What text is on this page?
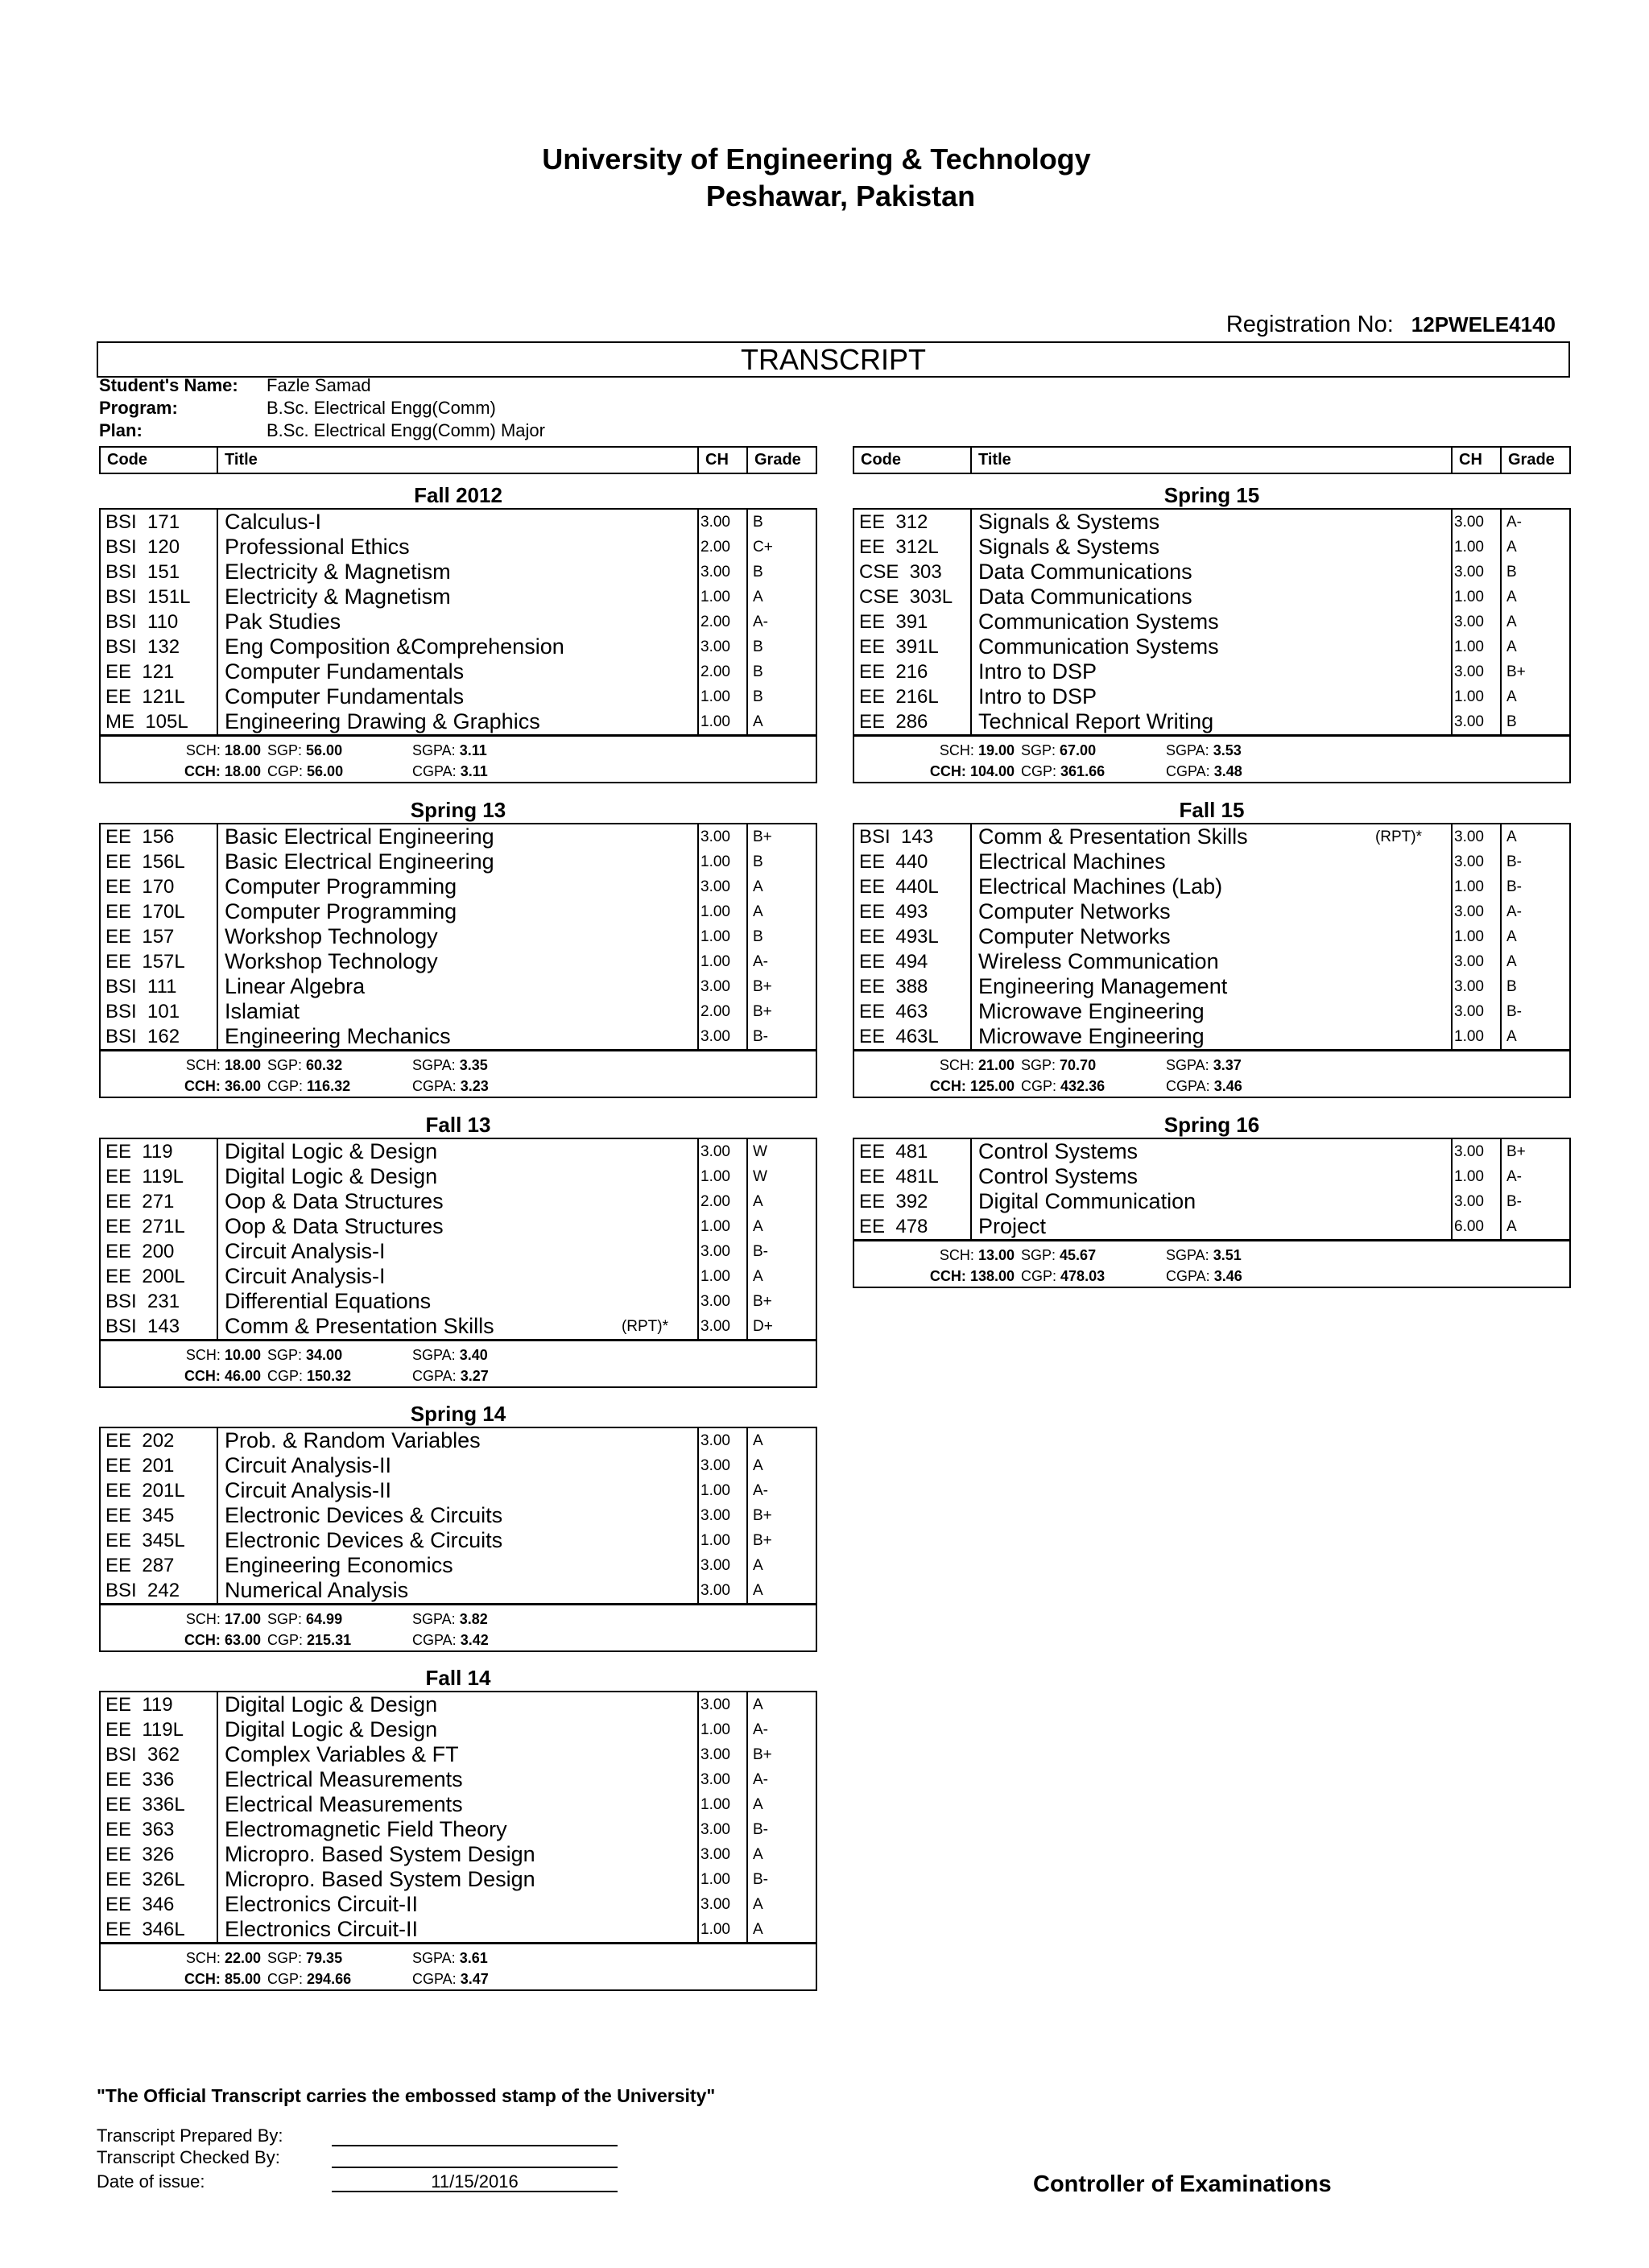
University of Engineering & Technology
Peshawar, Pakistan
Registration No: 12PWELE4140
TRANSCRIPT
Student's Name: Fazle Samad
Program:	B.Sc. Electrical Engg(Comm)
Plan:	B.Sc. Electrical Engg(Comm) Major
Code	Title	CH	Grade	Code	Title	CH	Grade
Fall 2012
BSI  171	Calculus-I	3.00	B
BSI  120	Professional Ethics	2.00	C+
BSI  151	Electricity & Magnetism	3.00	B
BSI  151L	Electricity & Magnetism	1.00	A
BSI  110	Pak Studies	2.00	A-
BSI  132	Eng Composition &Comprehension	3.00	B
EE  121	Computer Fundamentals	2.00	B
EE  121L	Computer Fundamentals	1.00	B
ME  105L	Engineering Drawing & Graphics	1.00	A
SCH: 18.00 SGP: 56.00	SGPA: 3.11
CCH: 18.00 CGP: 56.00	CGPA: 3.11
Spring 13
EE  156	Basic Electrical Engineering	3.00	B+
EE  156L	Basic Electrical Engineering	1.00	B
EE  170	Computer Programming	3.00	A
EE  170L	Computer Programming	1.00	A
EE  157	Workshop Technology	1.00	B
EE  157L	Workshop Technology	1.00	A-
BSI  111	Linear Algebra	3.00	B+
BSI  101	Islamiat	2.00	B+
BSI  162	Engineering Mechanics	3.00	B-
SCH: 18.00 SGP: 60.32	SGPA: 3.35
CCH: 36.00 CGP: 116.32	CGPA: 3.23
Fall 13
EE  119	Digital Logic & Design	3.00	W
EE  119L	Digital Logic & Design	1.00	W
EE  271	Oop & Data Structures	2.00	A
EE  271L	Oop & Data Structures	1.00	A
EE  200	Circuit Analysis-I	3.00	B-
EE  200L	Circuit Analysis-I	1.00	A
BSI  231	Differential Equations	3.00	B+
BSI  143	Comm & Presentation Skills	(RPT)* 3.00	D+
SCH: 10.00 SGP: 34.00	SGPA: 3.40
CCH: 46.00 CGP: 150.32	CGPA: 3.27
Spring 14
EE  202	Prob. & Random Variables	3.00	A
EE  201	Circuit Analysis-II	3.00	A
EE  201L	Circuit Analysis-II	1.00	A-
EE  345	Electronic Devices & Circuits	3.00	B+
EE  345L	Electronic Devices & Circuits	1.00	B+
EE  287	Engineering Economics	3.00	A
BSI  242	Numerical Analysis	3.00	A
SCH: 17.00 SGP: 64.99	SGPA: 3.82
CCH: 63.00 CGP: 215.31	CGPA: 3.42
Fall 14
EE  119	Digital Logic & Design	3.00	A
EE  119L	Digital Logic & Design	1.00	A-
BSI  362	Complex Variables & FT	3.00	B+
EE  336	Electrical Measurements	3.00	A-
EE  336L	Electrical Measurements	1.00	A
EE  363	Electromagnetic Field Theory	3.00	B-
EE  326	Micropro. Based System Design	3.00	A
EE  326L	Micropro. Based System Design	1.00	B-
EE  346	Electronics Circuit-II	3.00	A
EE  346L	Electronics Circuit-II	1.00	A
SCH: 22.00 SGP: 79.35	SGPA: 3.61
CCH: 85.00 CGP: 294.66	CGPA: 3.47
Spring 15
EE  312	Signals & Systems	3.00	A-
EE  312L	Signals & Systems	1.00	A
CSE  303	Data Communications	3.00	B
CSE  303L	Data Communications	1.00	A
EE  391	Communication Systems	3.00	A
EE  391L	Communication Systems	1.00	A
EE  216	Intro to DSP	3.00	B+
EE  216L	Intro to DSP	1.00	A
EE  286	Technical Report Writing	3.00	B
SCH: 19.00 SGP: 67.00	SGPA: 3.53
CCH: 104.00 CGP: 361.66	CGPA: 3.48
Fall 15
BSI  143	Comm & Presentation Skills	(RPT)* 3.00	A
EE  440	Electrical Machines	3.00	B-
EE  440L	Electrical Machines (Lab)	1.00	B-
EE  493	Computer Networks	3.00	A-
EE  493L	Computer Networks	1.00	A
EE  494	Wireless Communication	3.00	A
EE  388	Engineering Management	3.00	B
EE  463	Microwave Engineering	3.00	B-
EE  463L	Microwave Engineering	1.00	A
SCH: 21.00 SGP: 70.70	SGPA: 3.37
CCH: 125.00 CGP: 432.36	CGPA: 3.46
Spring 16
EE  481	Control Systems	3.00	B+
EE  481L	Control Systems	1.00	A-
EE  392	Digital Communication	3.00	B-
EE  478	Project	6.00	A
SCH: 13.00 SGP: 45.67	SGPA: 3.51
CCH: 138.00 CGP: 478.03	CGPA: 3.46
"The Official Transcript carries the embossed stamp of the University"
Transcript Prepared By:
Transcript Checked By:
Date of issue:	11/15/2016	Controller of Examinations
